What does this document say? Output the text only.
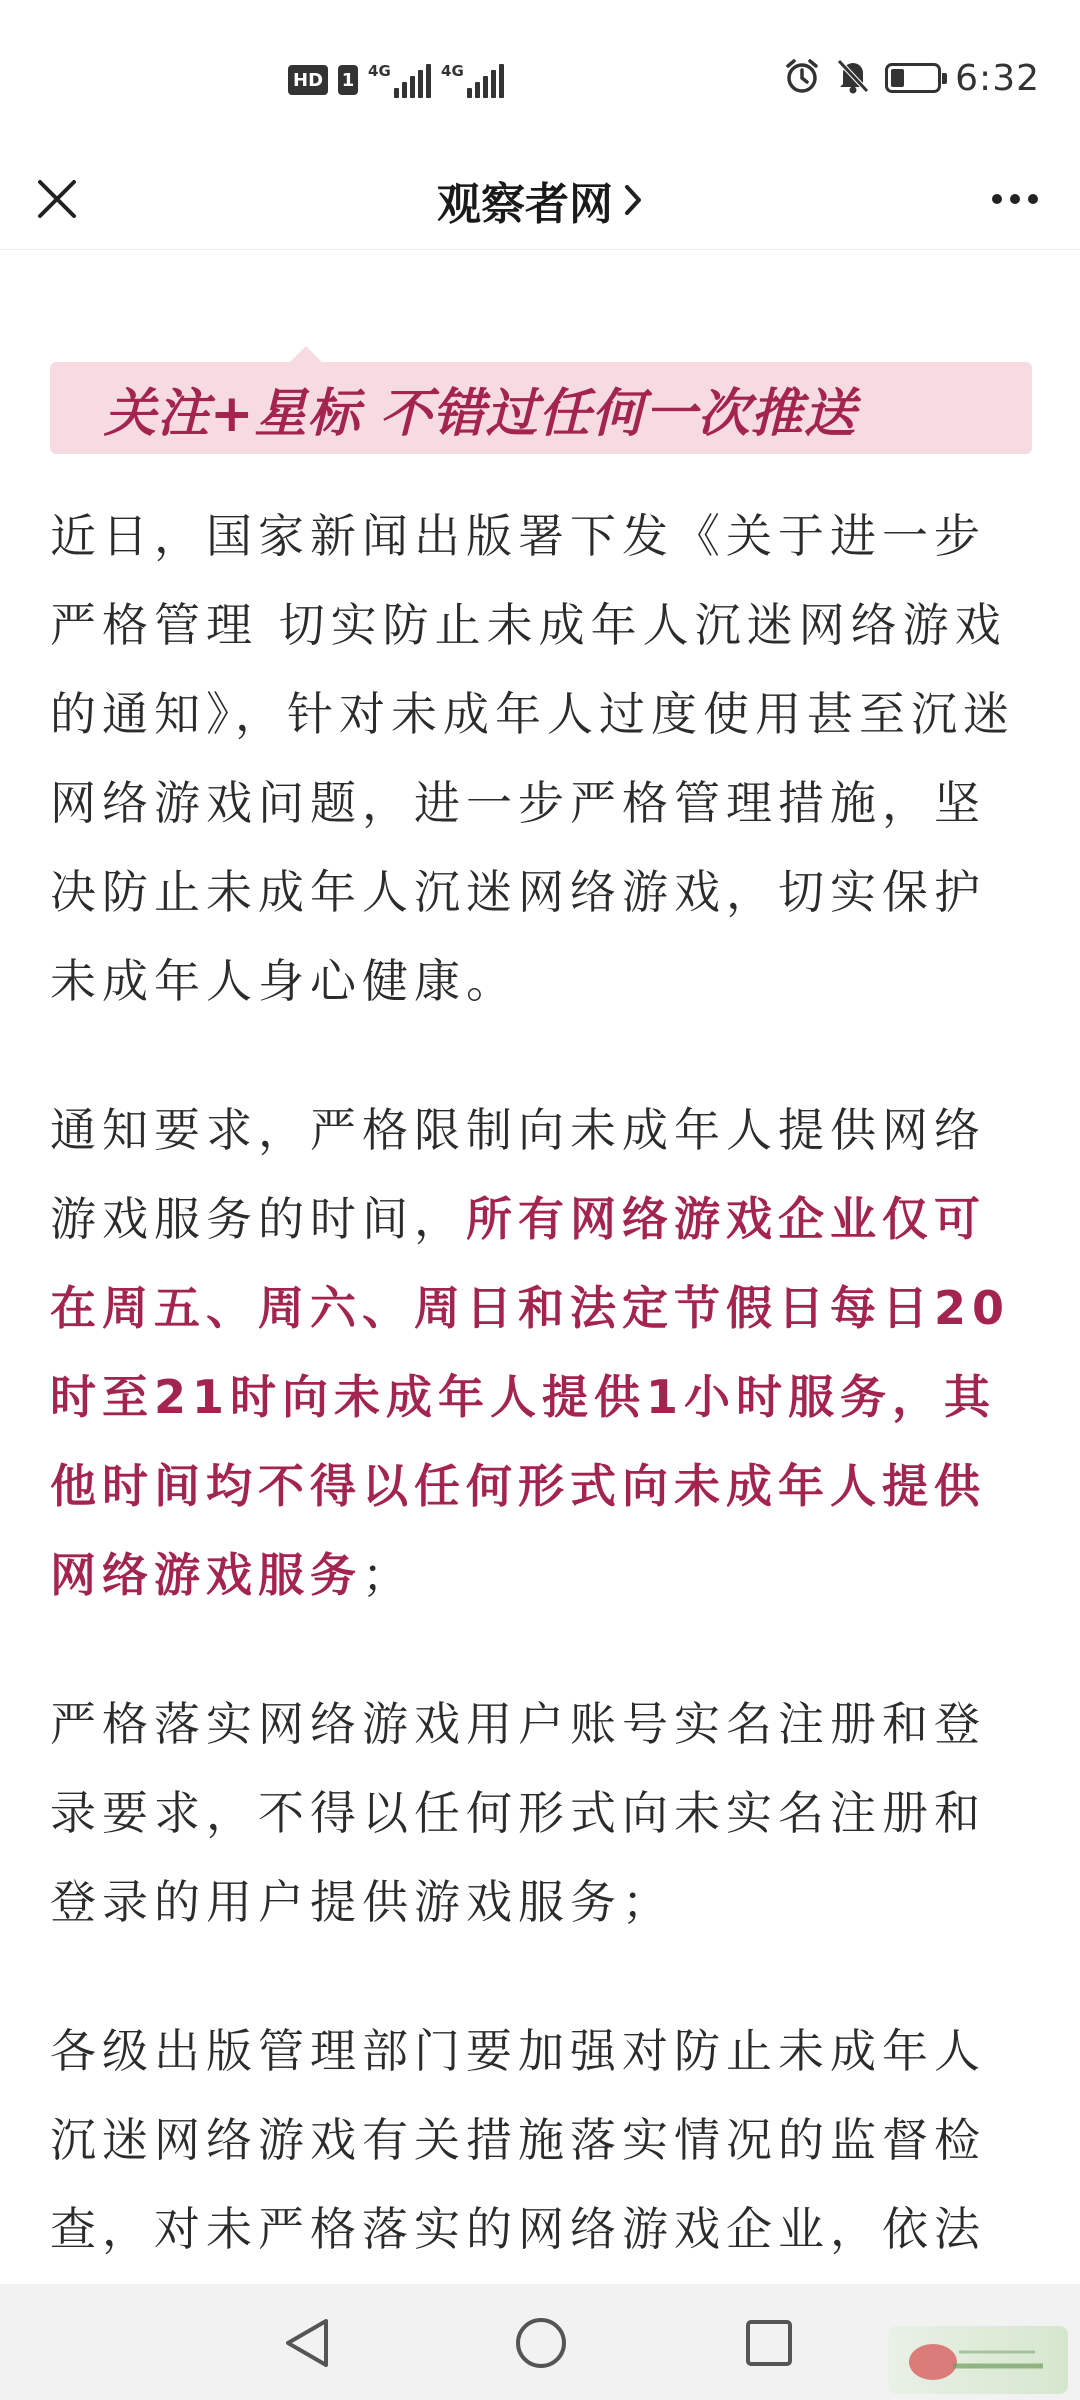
HD 1 4G	4G	6:32
观察者网
关注+星标 不错过任何一次推送

近日，国家新闻出版署下发《关于进一步严格管理 切实防止未成年人沉迷网络游戏的通知》，针对未成年人过度使用甚至沉迷网络游戏问题，进一步严格管理措施，坚决防止未成年人沉迷网络游戏，切实保护未成年人身心健康。

通知要求，严格限制向未成年人提供网络游戏服务的时间，所有网络游戏企业仅可在周五、周六、周日和法定节假日每日20时至21时向未成年人提供1小时服务，其他时间均不得以任何形式向未成年人提供网络游戏服务；

严格落实网络游戏用户账号实名注册和登录要求，不得以任何形式向未实名注册和登录的用户提供游戏服务；

各级出版管理部门要加强对防止未成年人沉迷网络游戏有关措施落实情况的监督检查，对未严格落实的网络游戏企业，依法
